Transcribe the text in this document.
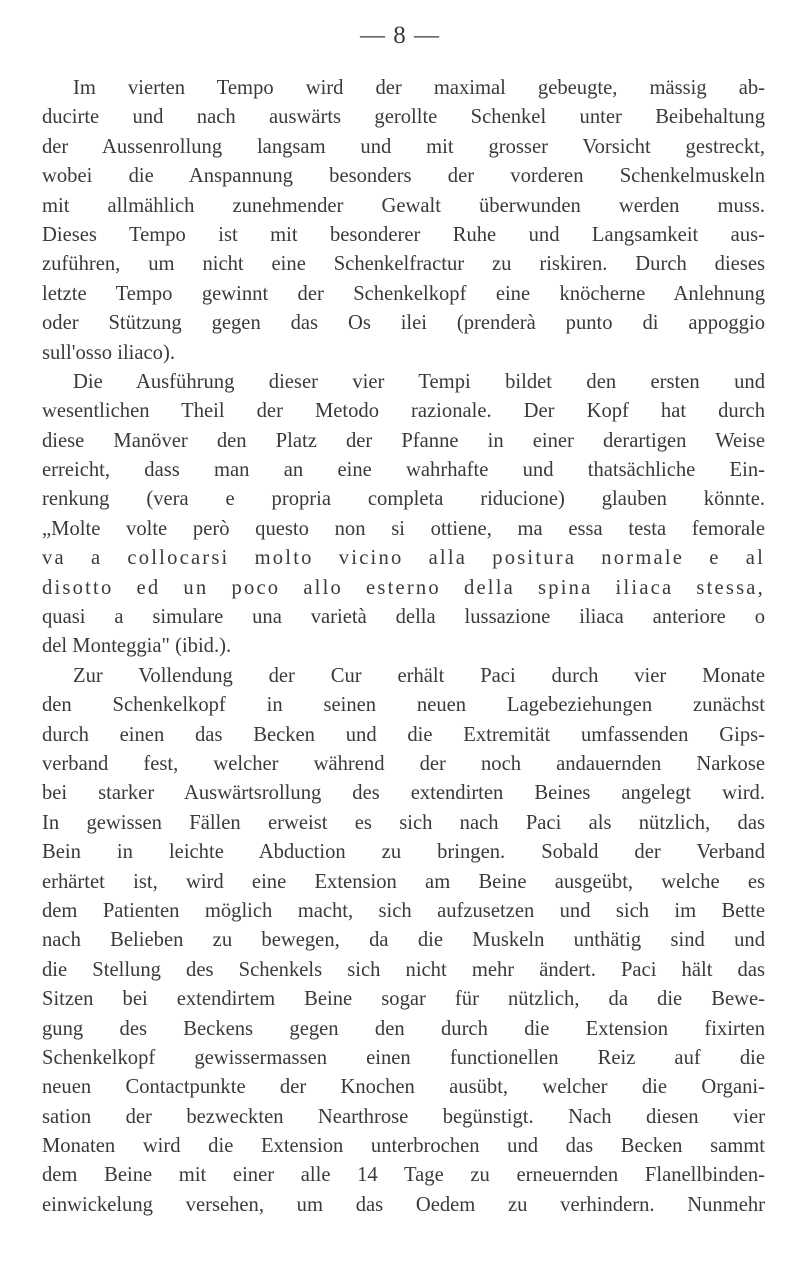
— 8 —
Im vierten Tempo wird der maximal gebeugte, mässig ab-
ducirte und nach auswärts gerollte Schenkel unter Beibehaltung
der Aussenrollung langsam und mit grosser Vorsicht gestreckt,
wobei die Anspannung besonders der vorderen Schenkelmuskeln
mit allmählich zunehmender Gewalt überwunden werden muss.
Dieses Tempo ist mit besonderer Ruhe und Langsamkeit aus-
zuführen, um nicht eine Schenkelfractur zu riskiren. Durch dieses
letzte Tempo gewinnt der Schenkelkopf eine knöcherne Anlehnung
oder Stützung gegen das Os ilei (prenderà punto di appoggio
sull'osso iliaco).
Die Ausführung dieser vier Tempi bildet den ersten und
wesentlichen Theil der Metodo razionale. Der Kopf hat durch
diese Manöver den Platz der Pfanne in einer derartigen Weise
erreicht, dass man an eine wahrhafte und thatsächliche Ein-
renkung (vera e propria completa riducione) glauben könnte.
„Molte volte però questo non si ottiene, ma essa testa femorale
va a collocarsi molto vicino alla positura normale e al
disotto ed un poco allo esterno della spina iliaca stessa,
quasi a simulare una varietà della lussazione iliaca anteriore o
del Monteggia" (ibid.).
Zur Vollendung der Cur erhält Paci durch vier Monate
den Schenkelkopf in seinen neuen Lagebeziehungen zunächst
durch einen das Becken und die Extremität umfassenden Gips-
verband fest, welcher während der noch andauernden Narkose
bei starker Auswärtsrollung des extendirten Beines angelegt wird.
In gewissen Fällen erweist es sich nach Paci als nützlich, das
Bein in leichte Abduction zu bringen. Sobald der Verband
erhärtet ist, wird eine Extension am Beine ausgeübt, welche es
dem Patienten möglich macht, sich aufzusetzen und sich im Bette
nach Belieben zu bewegen, da die Muskeln unthätig sind und
die Stellung des Schenkels sich nicht mehr ändert. Paci hält das
Sitzen bei extendirtem Beine sogar für nützlich, da die Bewe-
gung des Beckens gegen den durch die Extension fixirten
Schenkelkopf gewissermassen einen functionellen Reiz auf die
neuen Contactpunkte der Knochen ausübt, welcher die Organi-
sation der bezweckten Nearthrose begünstigt. Nach diesen vier
Monaten wird die Extension unterbrochen und das Becken sammt
dem Beine mit einer alle 14 Tage zu erneuernden Flanellbinden-
einwickelung versehen, um das Oedem zu verhindern. Nunmehr
